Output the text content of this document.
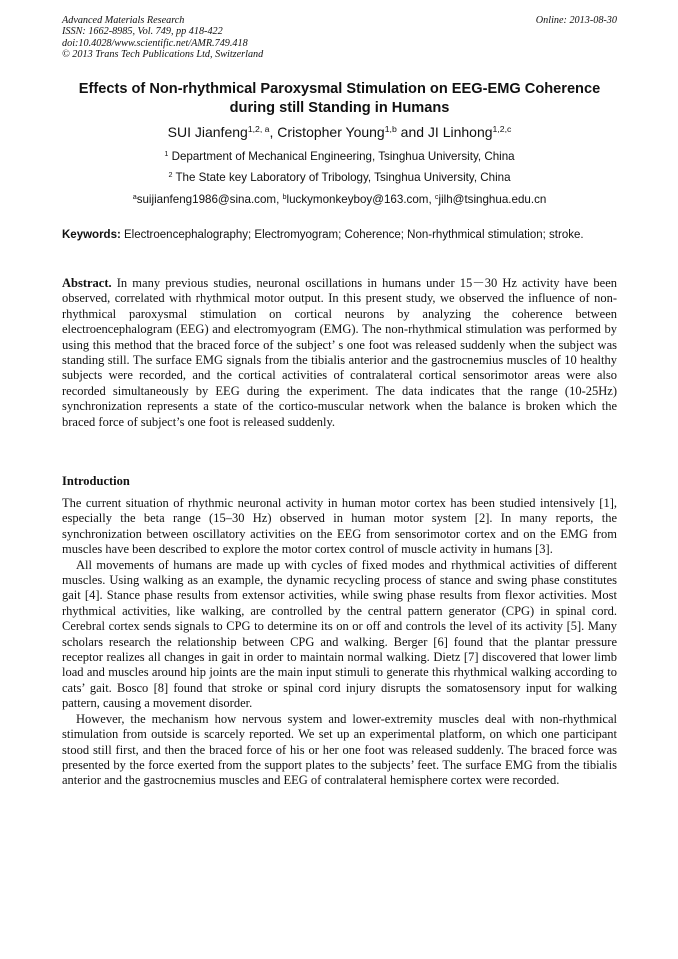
Advanced Materials Research
ISSN: 1662-8985, Vol. 749, pp 418-422
doi:10.4028/www.scientific.net/AMR.749.418
© 2013 Trans Tech Publications Ltd, Switzerland
Online: 2013-08-30
Effects of Non-rhythmical Paroxysmal Stimulation on EEG-EMG Coherence during still Standing in Humans
SUI Jianfeng$^{1,2, a}$, Cristopher Young$^{1,b}$ and JI Linhong$^{1,2,c}$
$^1$ Department of Mechanical Engineering, Tsinghua University, China
$^2$ The State key Laboratory of Tribology, Tsinghua University, China
$^a$suijianfeng1986@sina.com, $^b$luckymonkeyboy@163.com, $^c$jilh@tsinghua.edu.cn
Keywords: Electroencephalography; Electromyogram; Coherence; Non-rhythmical stimulation; stroke.
Abstract. In many previous studies, neuronal oscillations in humans under 15－30 Hz activity have been observed, correlated with rhythmical motor output. In this present study, we observed the influence of non-rhythmical paroxysmal stimulation on cortical neurons by analyzing the coherence between electroencephalogram (EEG) and electromyogram (EMG). The non-rhythmical stimulation was performed by using this method that the braced force of the subject’ s one foot was released suddenly when the subject was standing still. The surface EMG signals from the tibialis anterior and the gastrocnemius muscles of 10 healthy subjects were recorded, and the cortical activities of contralateral cortical sensorimotor areas were also recorded simultaneously by EEG during the experiment. The data indicates that the range (10-25Hz) synchronization represents a state of the cortico-muscular network when the balance is broken which the braced force of subject’s one foot is released suddenly.
Introduction

The current situation of rhythmic neuronal activity in human motor cortex has been studied intensively [1], especially the beta range (15–30 Hz) observed in human motor system [2]. In many reports, the synchronization between oscillatory activities on the EEG from sensorimotor cortex and on the EMG from muscles have been described to explore the motor cortex control of muscle activity in humans [3].

All movements of humans are made up with cycles of fixed modes and rhythmical activities of different muscles. Using walking as an example, the dynamic recycling process of stance and swing phase constitutes gait [4]. Stance phase results from extensor activities, while swing phase results from flexor activities. Most rhythmical activities, like walking, are controlled by the central pattern generator (CPG) in spinal cord. Cerebral cortex sends signals to CPG to determine its on or off and controls the level of its activity [5]. Many scholars research the relationship between CPG and walking. Berger [6] found that the plantar pressure receptor realizes all changes in gait in order to maintain normal walking. Dietz [7] discovered that lower limb load and muscles around hip joints are the main input stimuli to generate this rhythmical walking according to cats’ gait. Bosco [8] found that stroke or spinal cord injury disrupts the somatosensory input for walking pattern, causing a movement disorder.

However, the mechanism how nervous system and lower-extremity muscles deal with non-rhythmical stimulation from outside is scarcely reported. We set up an experimental platform, on which one participant stood still first, and then the braced force of his or her one foot was released suddenly. The braced force was presented by the force exerted from the support plates to the subjects’ feet. The surface EMG from the tibialis anterior and the gastrocnemius muscles and EEG of contralateral hemisphere cortex were recorded.
